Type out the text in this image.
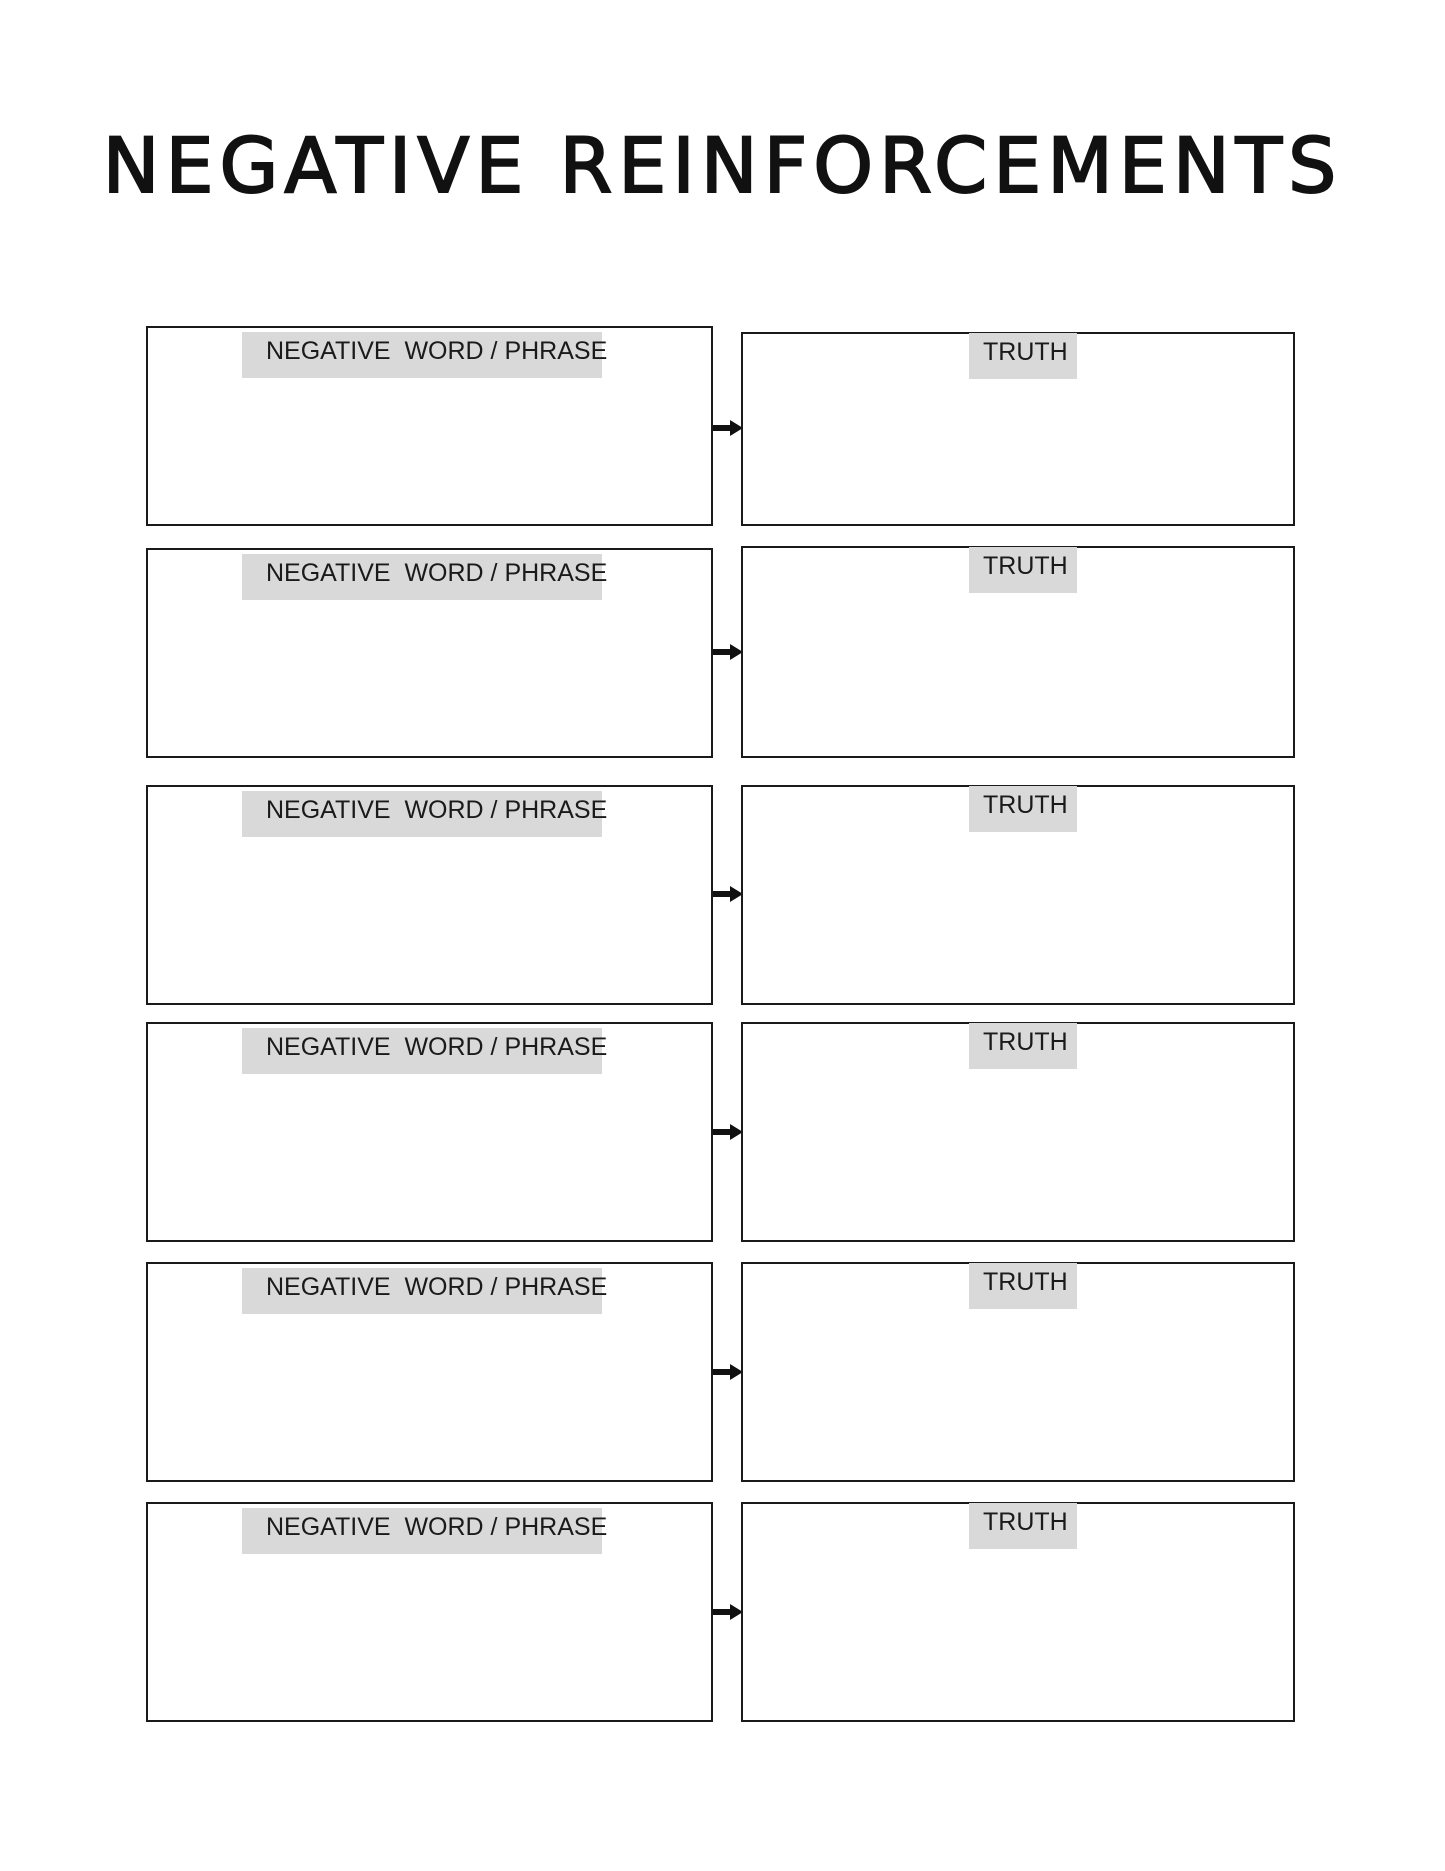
NEGATIVE REINFORCEMENTS
NEGATIVE  WORD / PHRASE	TRUTH
NEGATIVE  WORD / PHRASE	TRUTH
NEGATIVE  WORD / PHRASE	TRUTH
NEGATIVE  WORD / PHRASE	TRUTH
NEGATIVE  WORD / PHRASE	TRUTH
NEGATIVE  WORD / PHRASE	TRUTH
